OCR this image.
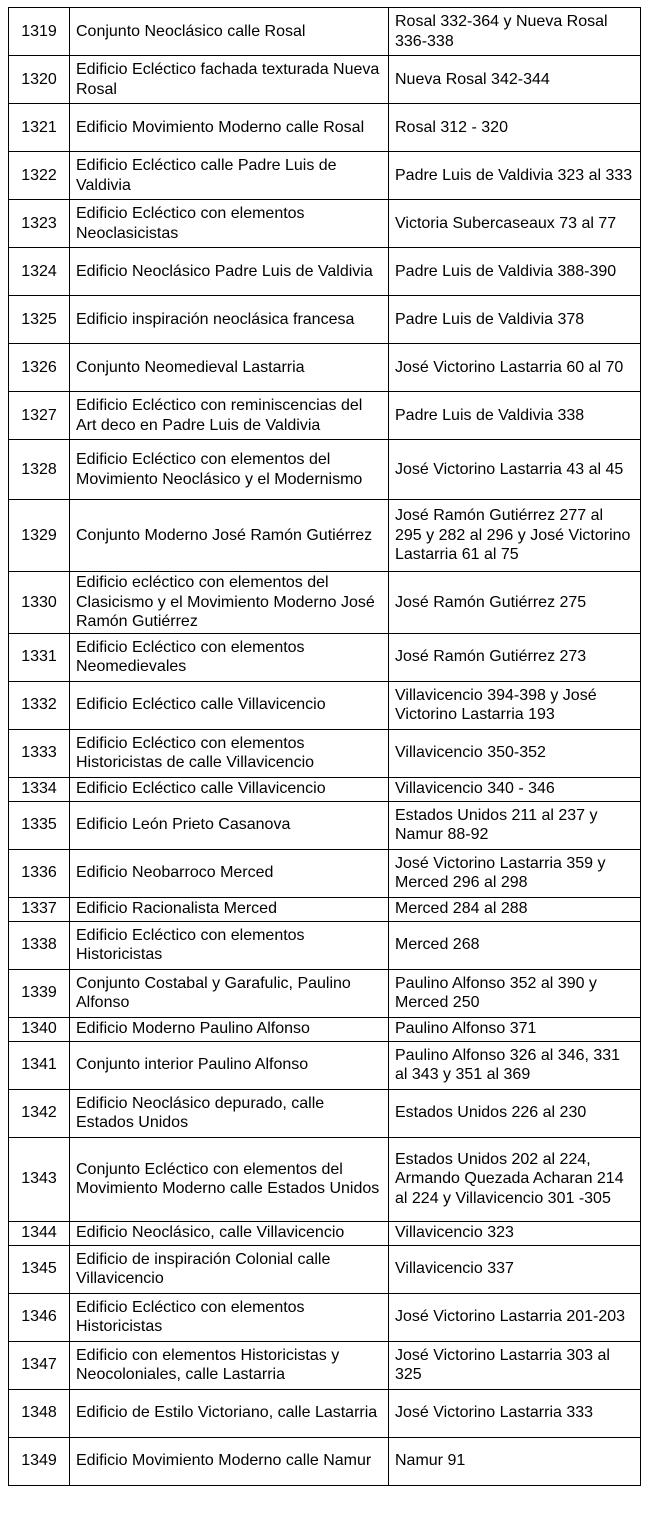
1319	Conjunto Neoclásico calle Rosal	Rosal 332-364 y Nueva Rosal 336-338
1320	Edificio Ecléctico fachada texturada Nueva Rosal	Nueva Rosal 342-344
1321	Edificio Movimiento Moderno calle Rosal	Rosal 312 - 320
1322	Edificio Ecléctico calle Padre Luis de Valdivia	Padre Luis de Valdivia 323 al 333
1323	Edificio Ecléctico con elementos Neoclasicistas	Victoria Subercaseaux 73 al 77
1324	Edificio Neoclásico Padre Luis de Valdivia	Padre Luis de Valdivia 388-390
1325	Edificio inspiración neoclásica francesa	Padre Luis de Valdivia 378
1326	Conjunto Neomedieval Lastarria	José Victorino Lastarria 60 al 70
1327	Edificio Ecléctico con reminiscencias del Art deco en Padre Luis de Valdivia	Padre Luis de Valdivia 338
1328	Edificio Ecléctico con elementos del Movimiento Neoclásico y el Modernismo	José Victorino Lastarria 43 al 45
1329	Conjunto Moderno José Ramón Gutiérrez	José Ramón Gutiérrez 277 al 295 y 282 al 296 y José Victorino Lastarria 61 al 75
1330	Edificio ecléctico con elementos del Clasicismo y el Movimiento Moderno José Ramón Gutiérrez	José Ramón Gutiérrez 275
1331	Edificio Ecléctico con elementos Neomedievales	José Ramón Gutiérrez 273
1332	Edificio Ecléctico calle Villavicencio	Villavicencio 394-398 y José Victorino Lastarria 193
1333	Edificio Ecléctico con elementos Historicistas de calle Villavicencio	Villavicencio 350-352
1334	Edificio Ecléctico calle Villavicencio	Villavicencio 340 - 346
1335	Edificio León Prieto Casanova	Estados Unidos 211 al 237 y Namur 88-92
1336	Edificio Neobarroco Merced	José Victorino Lastarria 359 y Merced 296 al 298
1337	Edificio Racionalista Merced	Merced 284 al 288
1338	Edificio Ecléctico con elementos Historicistas	Merced 268
1339	Conjunto Costabal y Garafulic, Paulino Alfonso	Paulino Alfonso 352 al 390 y Merced 250
1340	Edificio Moderno Paulino Alfonso	Paulino Alfonso 371
1341	Conjunto interior Paulino Alfonso	Paulino Alfonso 326 al 346, 331 al 343 y 351 al 369
1342	Edificio Neoclásico depurado, calle Estados Unidos	Estados Unidos 226 al 230
1343	Conjunto Ecléctico con elementos del Movimiento Moderno calle Estados Unidos	Estados Unidos 202 al 224, Armando Quezada Acharan 214 al 224 y Villavicencio 301 -305
1344	Edificio Neoclásico, calle Villavicencio	Villavicencio 323
1345	Edificio de inspiración Colonial calle Villavicencio	Villavicencio 337
1346	Edificio Ecléctico con elementos Historicistas	José Victorino Lastarria 201-203
1347	Edificio con elementos Historicistas y Neocoloniales, calle Lastarria	José Victorino Lastarria 303 al 325
1348	Edificio de Estilo Victoriano, calle Lastarria	José Victorino Lastarria 333
1349	Edificio Movimiento Moderno calle Namur	Namur 91
